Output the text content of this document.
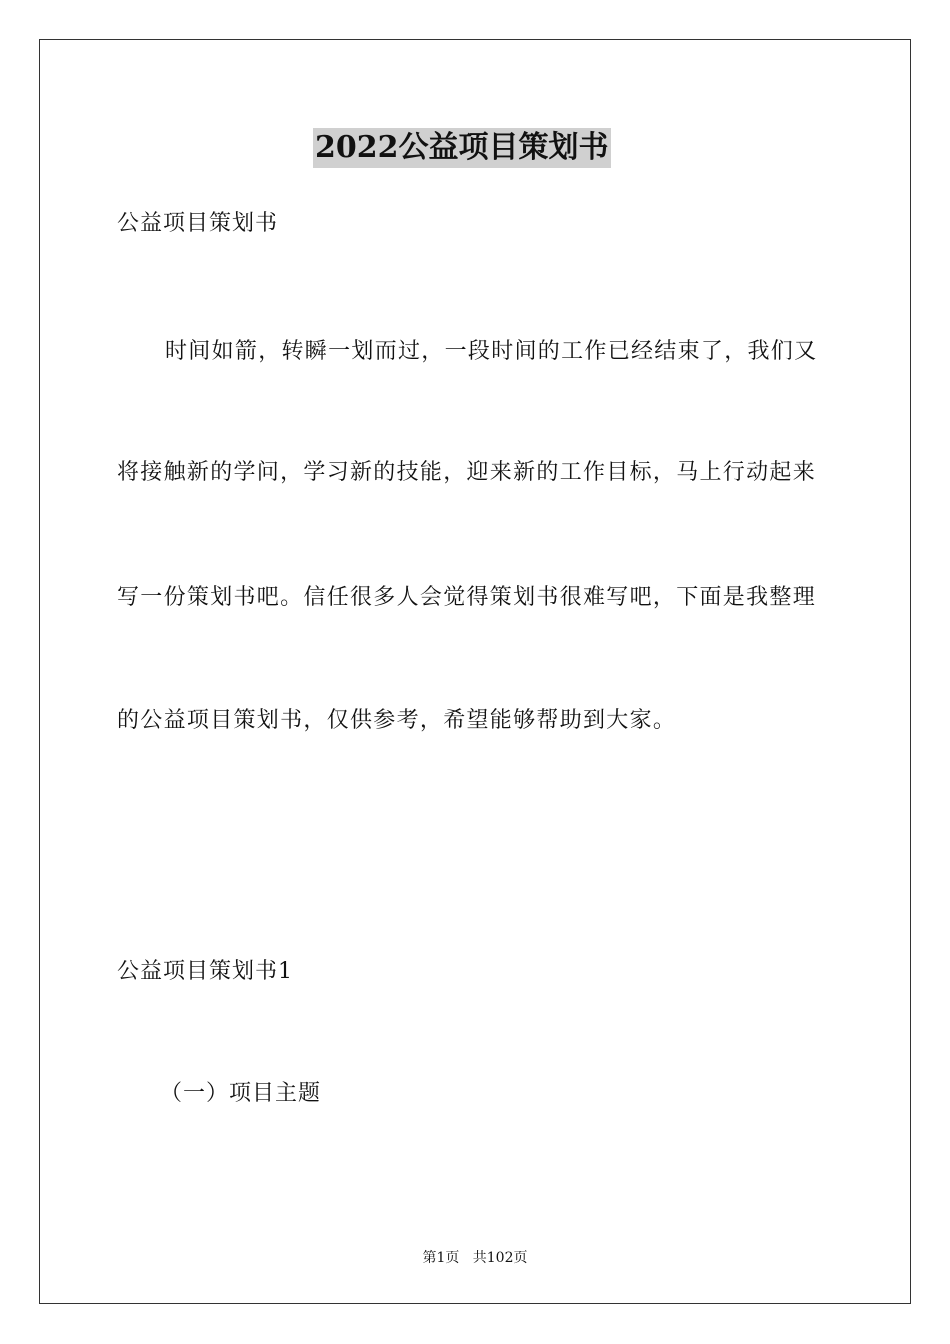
2022公益项目策划书
公益项目策划书
时间如箭，转瞬一划而过，一段时间的工作已经结束了，我们又
将接触新的学问，学习新的技能，迎来新的工作目标，马上行动起来
写一份策划书吧。信任很多人会觉得策划书很难写吧，下面是我整理
的公益项目策划书，仅供参考，希望能够帮助到大家。
公益项目策划书1
（一）项目主题
第1页   共102页
